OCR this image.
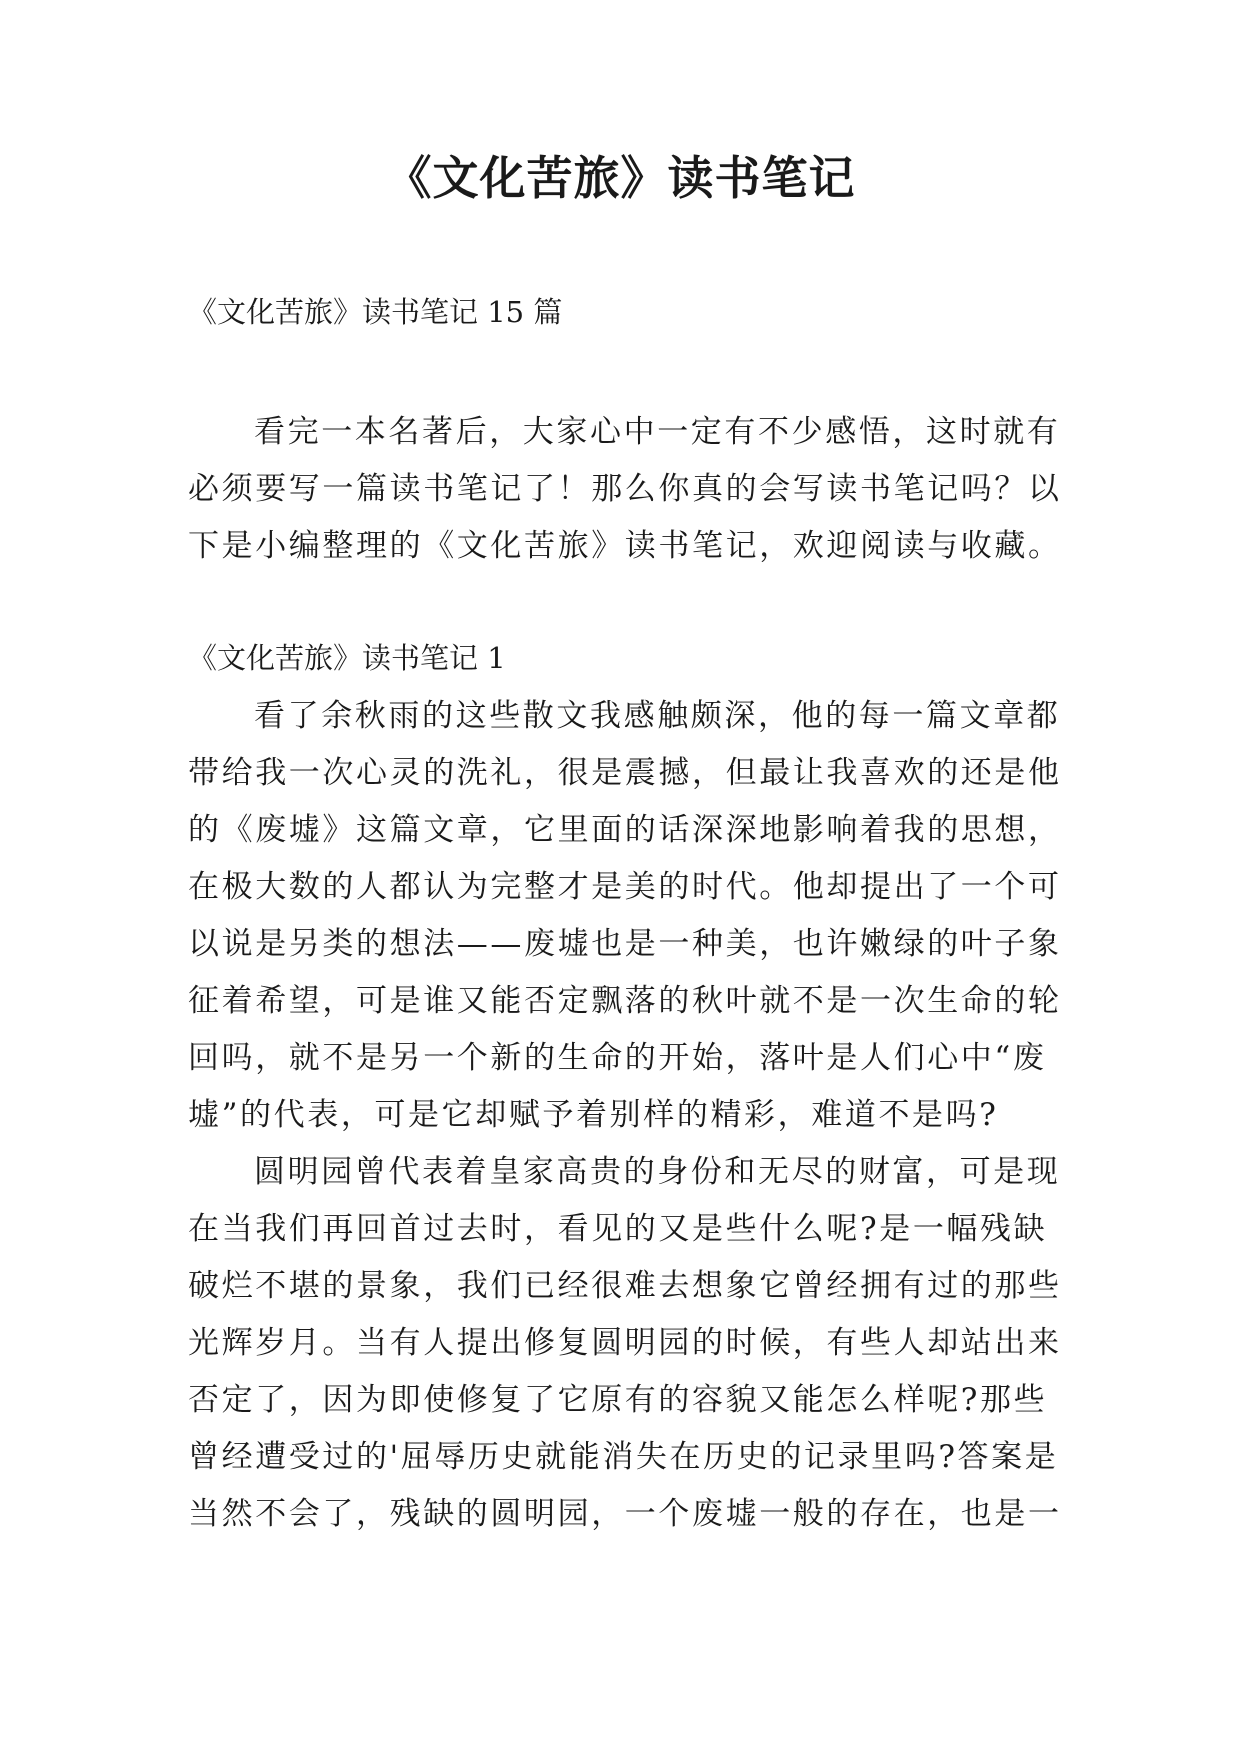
《文化苦旅》读书笔记

《文化苦旅》读书笔记 15 篇

看完一本名著后，大家心中一定有不少感悟，这时就有必须要写一篇读书笔记了！那么你真的会写读书笔记吗？以下是小编整理的《文化苦旅》读书笔记，欢迎阅读与收藏。

《文化苦旅》读书笔记 1

看了余秋雨的这些散文我感触颇深，他的每一篇文章都带给我一次心灵的洗礼，很是震撼，但最让我喜欢的还是他的《废墟》这篇文章，它里面的话深深地影响着我的思想，在极大数的人都认为完整才是美的时代。他却提出了一个可以说是另类的想法——废墟也是一种美，也许嫩绿的叶子象征着希望，可是谁又能否定飘落的秋叶就不是一次生命的轮回吗，就不是另一个新的生命的开始，落叶是人们心中“废墟”的代表，可是它却赋予着别样的精彩，难道不是吗?

圆明园曾代表着皇家高贵的身份和无尽的财富，可是现在当我们再回首过去时，看见的又是些什么呢?是一幅残缺破烂不堪的景象，我们已经很难去想象它曾经拥有过的那些光辉岁月。当有人提出修复圆明园的时候，有些人却站出来否定了，因为即使修复了它原有的容貌又能怎么样呢?那些曾经遭受过的'屈辱历史就能消失在历史的记录里吗?答案是当然不会了，残缺的圆明园，一个废墟一般的存在，也是一
